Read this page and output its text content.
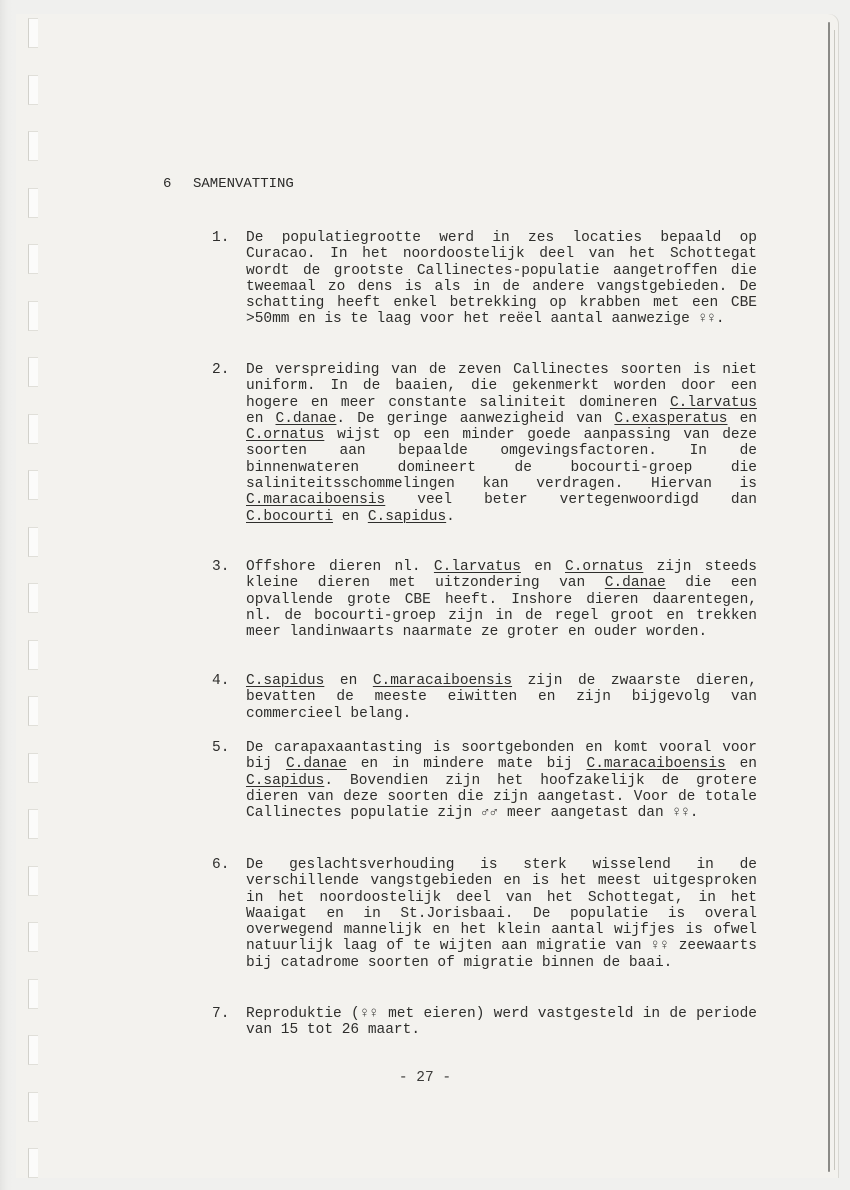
6

SAMENVATTING

1. De populatiegrootte werd in zes locaties bepaald op Curacao. In het noordoostelijk deel van het Schottegat wordt de grootste Callinectes-populatie aangetroffen die tweemaal zo dens is als in de andere vangstgebieden. De schatting heeft enkel betrekking op krabben met een CBE >50mm en is te laag voor het reëel aantal aanwezige ♀♀.
2. De verspreiding van de zeven Callinectes soorten is niet uniform. In de baaien, die gekenmerkt worden door een hogere en meer constante saliniteit domineren C.larvatus en C.danae. De geringe aanwezigheid van C.exasperatus en C.ornatus wijst op een minder goede aanpassing van deze soorten aan bepaalde omgevingsfactoren. In de binnenwateren domineert de bocourti-groep die saliniteitsschommelingen kan verdragen. Hiervan is C.maracaiboensis veel beter vertegenwoordigd dan C.bocourti en C.sapidus.
3. Offshore dieren nl. C.larvatus en C.ornatus zijn steeds kleine dieren met uitzondering van C.danae die een opvallende grote CBE heeft. Inshore dieren daarentegen, nl. de bocourti-groep zijn in de regel groot en trekken meer landinwaarts naarmate ze groter en ouder worden.
4. C.sapidus en C.maracaiboensis zijn de zwaarste dieren, bevatten de meeste eiwitten en zijn bijgevolg van commercieel belang.
5. De carapaxaantasting is soortgebonden en komt vooral voor bij C.danae en in mindere mate bij C.maracaiboensis en C.sapidus. Bovendien zijn het hoofzakelijk de grotere dieren van deze soorten die zijn aangetast. Voor de totale Callinectes populatie zijn ♂♂ meer aangetast dan ♀♀.
6. De geslachtsverhouding is sterk wisselend in de verschillende vangstgebieden en is het meest uitgesproken in het noordoostelijk deel van het Schottegat, in het Waaigat en in St.Jorisbaai. De populatie is overal overwegend mannelijk en het klein aantal wijfjes is ofwel natuurlijk laag of te wijten aan migratie van ♀♀ zeewaarts bij catadrome soorten of migratie binnen de baai.
7. Reproduktie (♀♀ met eieren) werd vastgesteld in de periode van 15 tot 26 maart.
- 27 -
